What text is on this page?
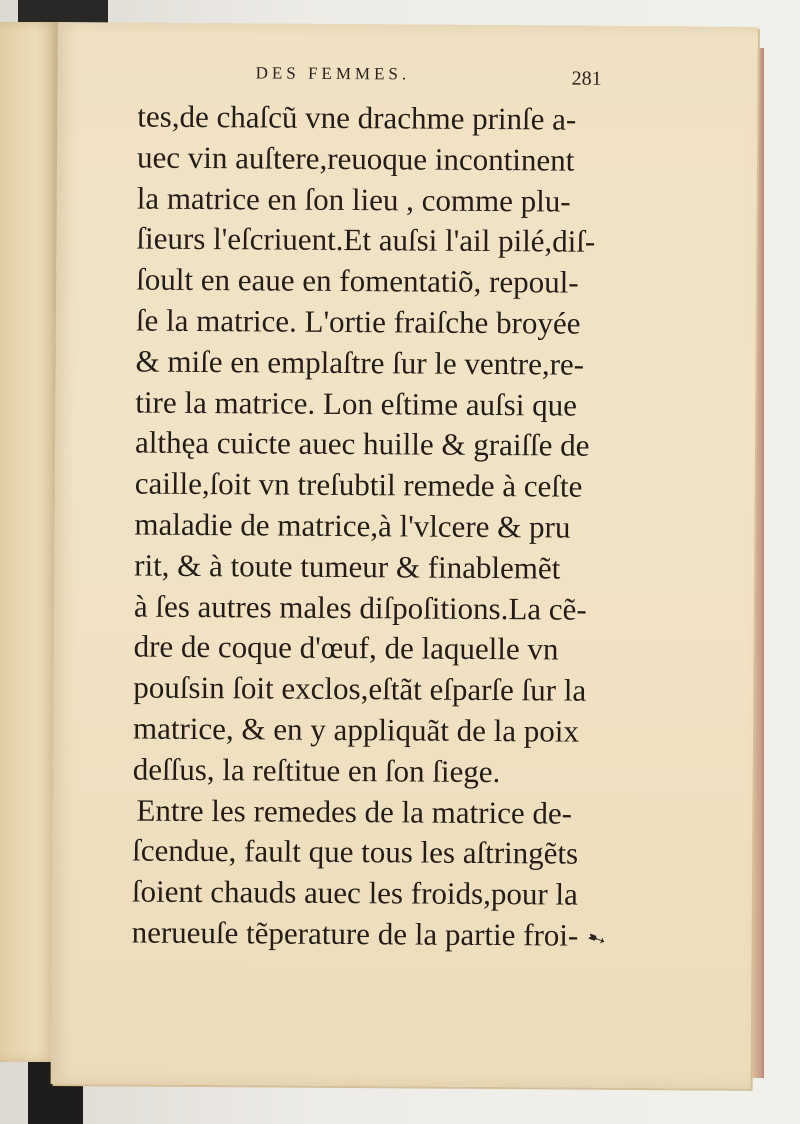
DES FEMMES.	281
tes,de chaſcũ vne drachme prinſe a-
uec vin auſtere,reuoque incontinent
la matrice en ſon lieu , comme plu-
ſieurs l'eſcriuent.Et auſsi l'ail pilé,diſ-
ſoult en eaue en fomentatiõ, repoul-
ſe la matrice. L'ortie fraiſche broyée
& miſe en emplaſtre ſur le ventre,re-
tire la matrice. Lon eſtime auſsi que
althęa cuicte auec huille & graiſſe de
caille,ſoit vn treſubtil remede à ceſte
maladie de matrice,à l'vlcere & pru
rit, & à toute tumeur & finablemẽt
à ſes autres males diſpoſitions.La cẽ-
dre de coque d'œuf, de laquelle vn
pouſsin ſoit exclos,eſtãt eſparſe ſur la
matrice, & en y appliquãt de la poix
deſſus, la reſtitue en ſon ſiege.
Entre les remedes de la matrice de-
ſcendue, fault que tous les aſtringẽts
ſoient chauds auec les froids,pour la
nerueuſe tẽperature de la partie froi- ➸
